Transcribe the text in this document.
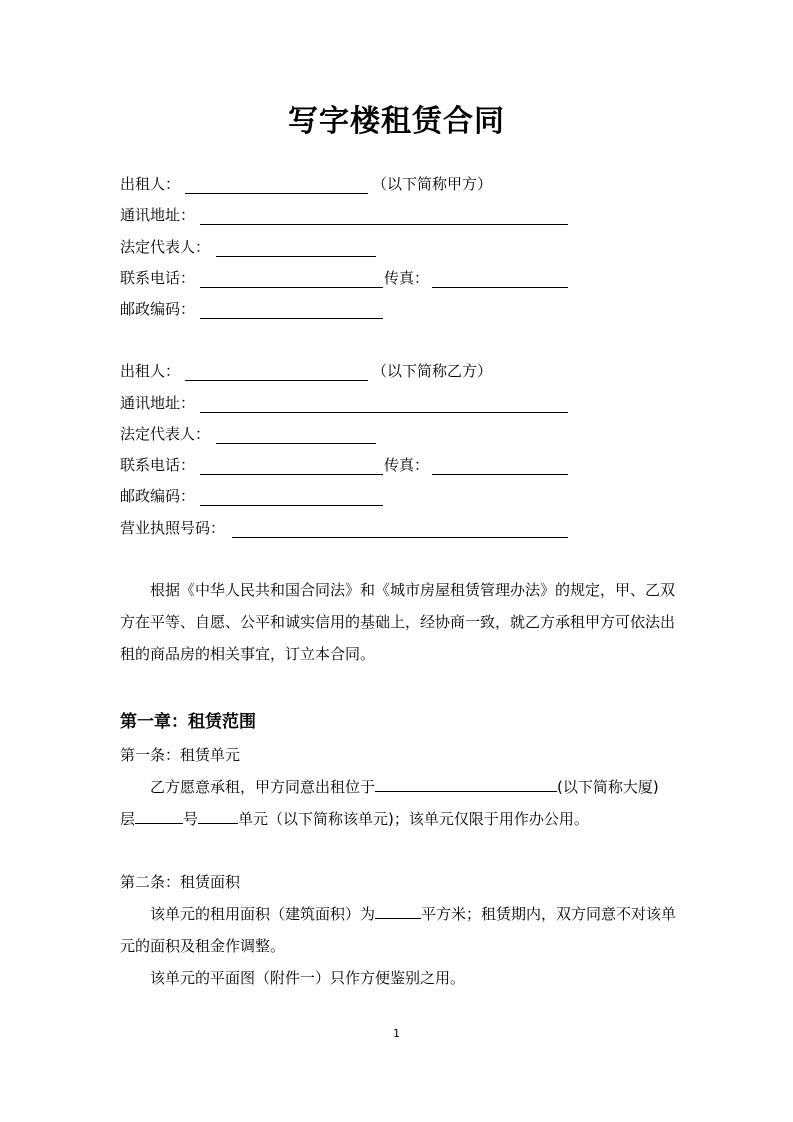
写字楼租赁合同
出租人：	（以下简称甲方）
通讯地址：
法定代表人：
联系电话：	传真：
邮政编码：
出租人：	（以下简称乙方）
通讯地址：
法定代表人：
联系电话：	传真：
邮政编码：
营业执照号码：
根据《中华人民共和国合同法》和《城市房屋租赁管理办法》的规定，甲、乙双方在平等、自愿、公平和诚实信用的基础上，经协商一致，就乙方承租甲方可依法出租的商品房的相关事宜，订立本合同。
第一章：租赁范围
第一条：租赁单元
乙方愿意承租，甲方同意出租位于	(以下简称大厦)
层	号	单元（以下简称该单元)；该单元仅限于用作办公用。
第二条：租赁面积
该单元的租用面积（建筑面积）为	平方米；租赁期内，双方同意不对该单元的面积及租金作调整。
该单元的平面图（附件一）只作方便鉴别之用。
1
